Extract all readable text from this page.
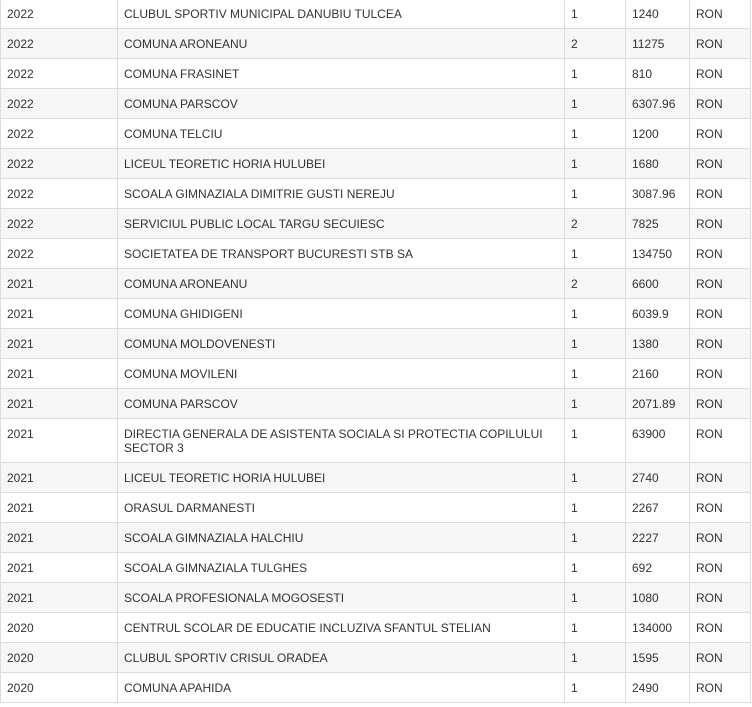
2022	CLUBUL SPORTIV MUNICIPAL DANUBIU TULCEA	1	1240	RON
2022	COMUNA ARONEANU	2	11275	RON
2022	COMUNA FRASINET	1	810	RON
2022	COMUNA PARSCOV	1	6307.96	RON
2022	COMUNA TELCIU	1	1200	RON
2022	LICEUL TEORETIC HORIA HULUBEI	1	1680	RON
2022	SCOALA GIMNAZIALA DIMITRIE GUSTI NEREJU	1	3087.96	RON
2022	SERVICIUL PUBLIC LOCAL TARGU SECUIESC	2	7825	RON
2022	SOCIETATEA DE TRANSPORT BUCURESTI STB SA	1	134750	RON
2021	COMUNA ARONEANU	2	6600	RON
2021	COMUNA GHIDIGENI	1	6039.9	RON
2021	COMUNA MOLDOVENESTI	1	1380	RON
2021	COMUNA MOVILENI	1	2160	RON
2021	COMUNA PARSCOV	1	2071.89	RON
2021	DIRECTIA GENERALA DE ASISTENTA SOCIALA SI PROTECTIA COPILULUI SECTOR 3	1	63900	RON
2021	LICEUL TEORETIC HORIA HULUBEI	1	2740	RON
2021	ORASUL DARMANESTI	1	2267	RON
2021	SCOALA GIMNAZIALA HALCHIU	1	2227	RON
2021	SCOALA GIMNAZIALA TULGHES	1	692	RON
2021	SCOALA PROFESIONALA MOGOSESTI	1	1080	RON
2020	CENTRUL SCOLAR DE EDUCATIE INCLUZIVA SFANTUL STELIAN	1	134000	RON
2020	CLUBUL SPORTIV CRISUL ORADEA	1	1595	RON
2020	COMUNA APAHIDA	1	2490	RON
